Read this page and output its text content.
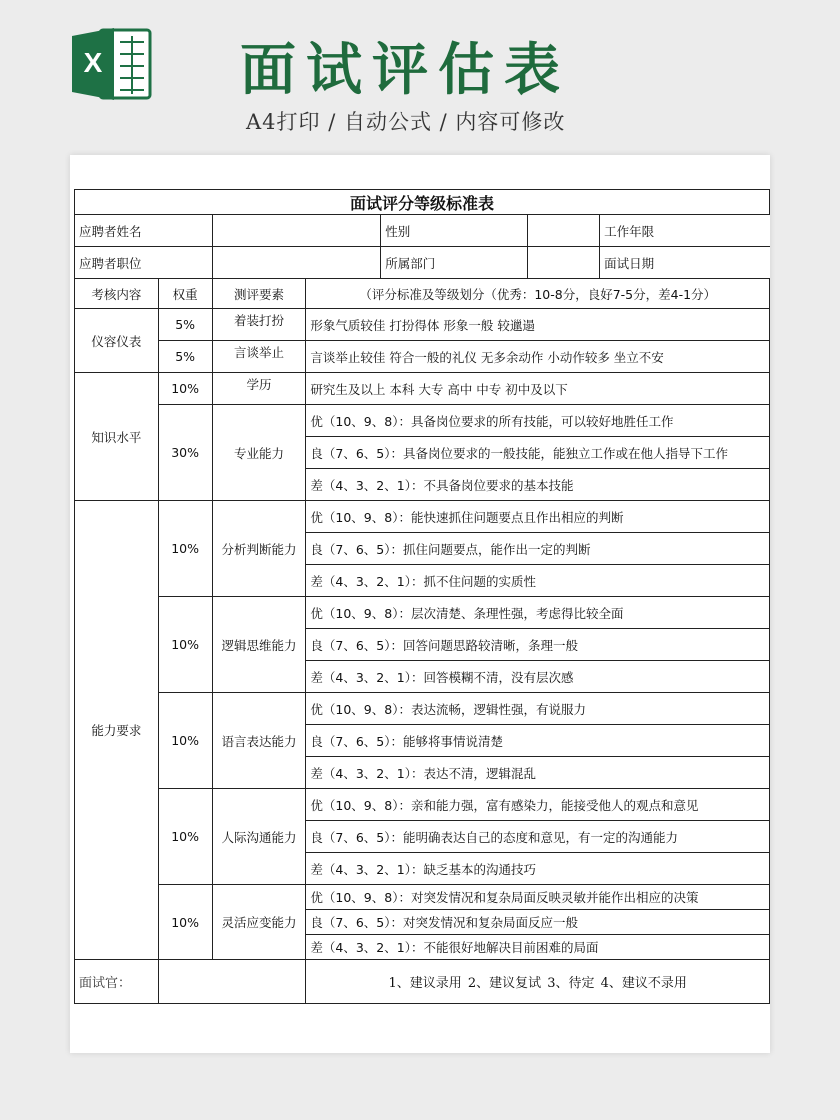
X 面试评估表
A4打印 / 自动公式 / 内容可修改
面试评分等级标准表						
应聘者姓名				性别		工作年限
应聘者职位				所属部门		面试日期
考核内容	权重	测评要素	（评分标准及等级划分（优秀：10-8分，良好7-5分，差4-1分）			
仪容仪表	5%	着装打扮	形象气质较佳 打扮得体 形象一般 较邋遢			
	5%	言谈举止	言谈举止较佳 符合一般的礼仪 无多余动作 小动作较多 坐立不安			
知识水平	10%	学历	研究生及以上 本科 大专 高中 中专 初中及以下			
	30%	专业能力	优（10、9、8）：具备岗位要求的所有技能，可以较好地胜任工作			
			良（7、6、5）：具备岗位要求的一般技能，能独立工作或在他人指导下工作			
			差（4、3、2、1）：不具备岗位要求的基本技能			
能力要求	10%	分析判断能力	优（10、9、8）：能快速抓住问题要点且作出相应的判断			
			良（7、6、5）：抓住问题要点，能作出一定的判断			
			差（4、3、2、1）：抓不住问题的实质性			
	10%	逻辑思维能力	优（10、9、8）：层次清楚、条理性强，考虑得比较全面			
			良（7、6、5）：回答问题思路较清晰，条理一般			
			差（4、3、2、1）：回答模糊不清，没有层次感			
	10%	语言表达能力	优（10、9、8）：表达流畅，逻辑性强，有说服力			
			良（7、6、5）：能够将事情说清楚			
			差（4、3、2、1）：表达不清，逻辑混乱			
	10%	人际沟通能力	优（10、9、8）：亲和能力强，富有感染力，能接受他人的观点和意见			
			良（7、6、5）：能明确表达自己的态度和意见，有一定的沟通能力			
			差（4、3、2、1）：缺乏基本的沟通技巧			
	10%	灵活应变能力	优（10、9、8）：对突发情况和复杂局面反映灵敏并能作出相应的决策			
			良（7、6、5）：对突发情况和复杂局面反应一般			
			差（4、3、2、1）：不能很好地解决目前困难的局面			
面试官：			1、建议录用 2、建议复试 3、待定 4、建议不录用			
